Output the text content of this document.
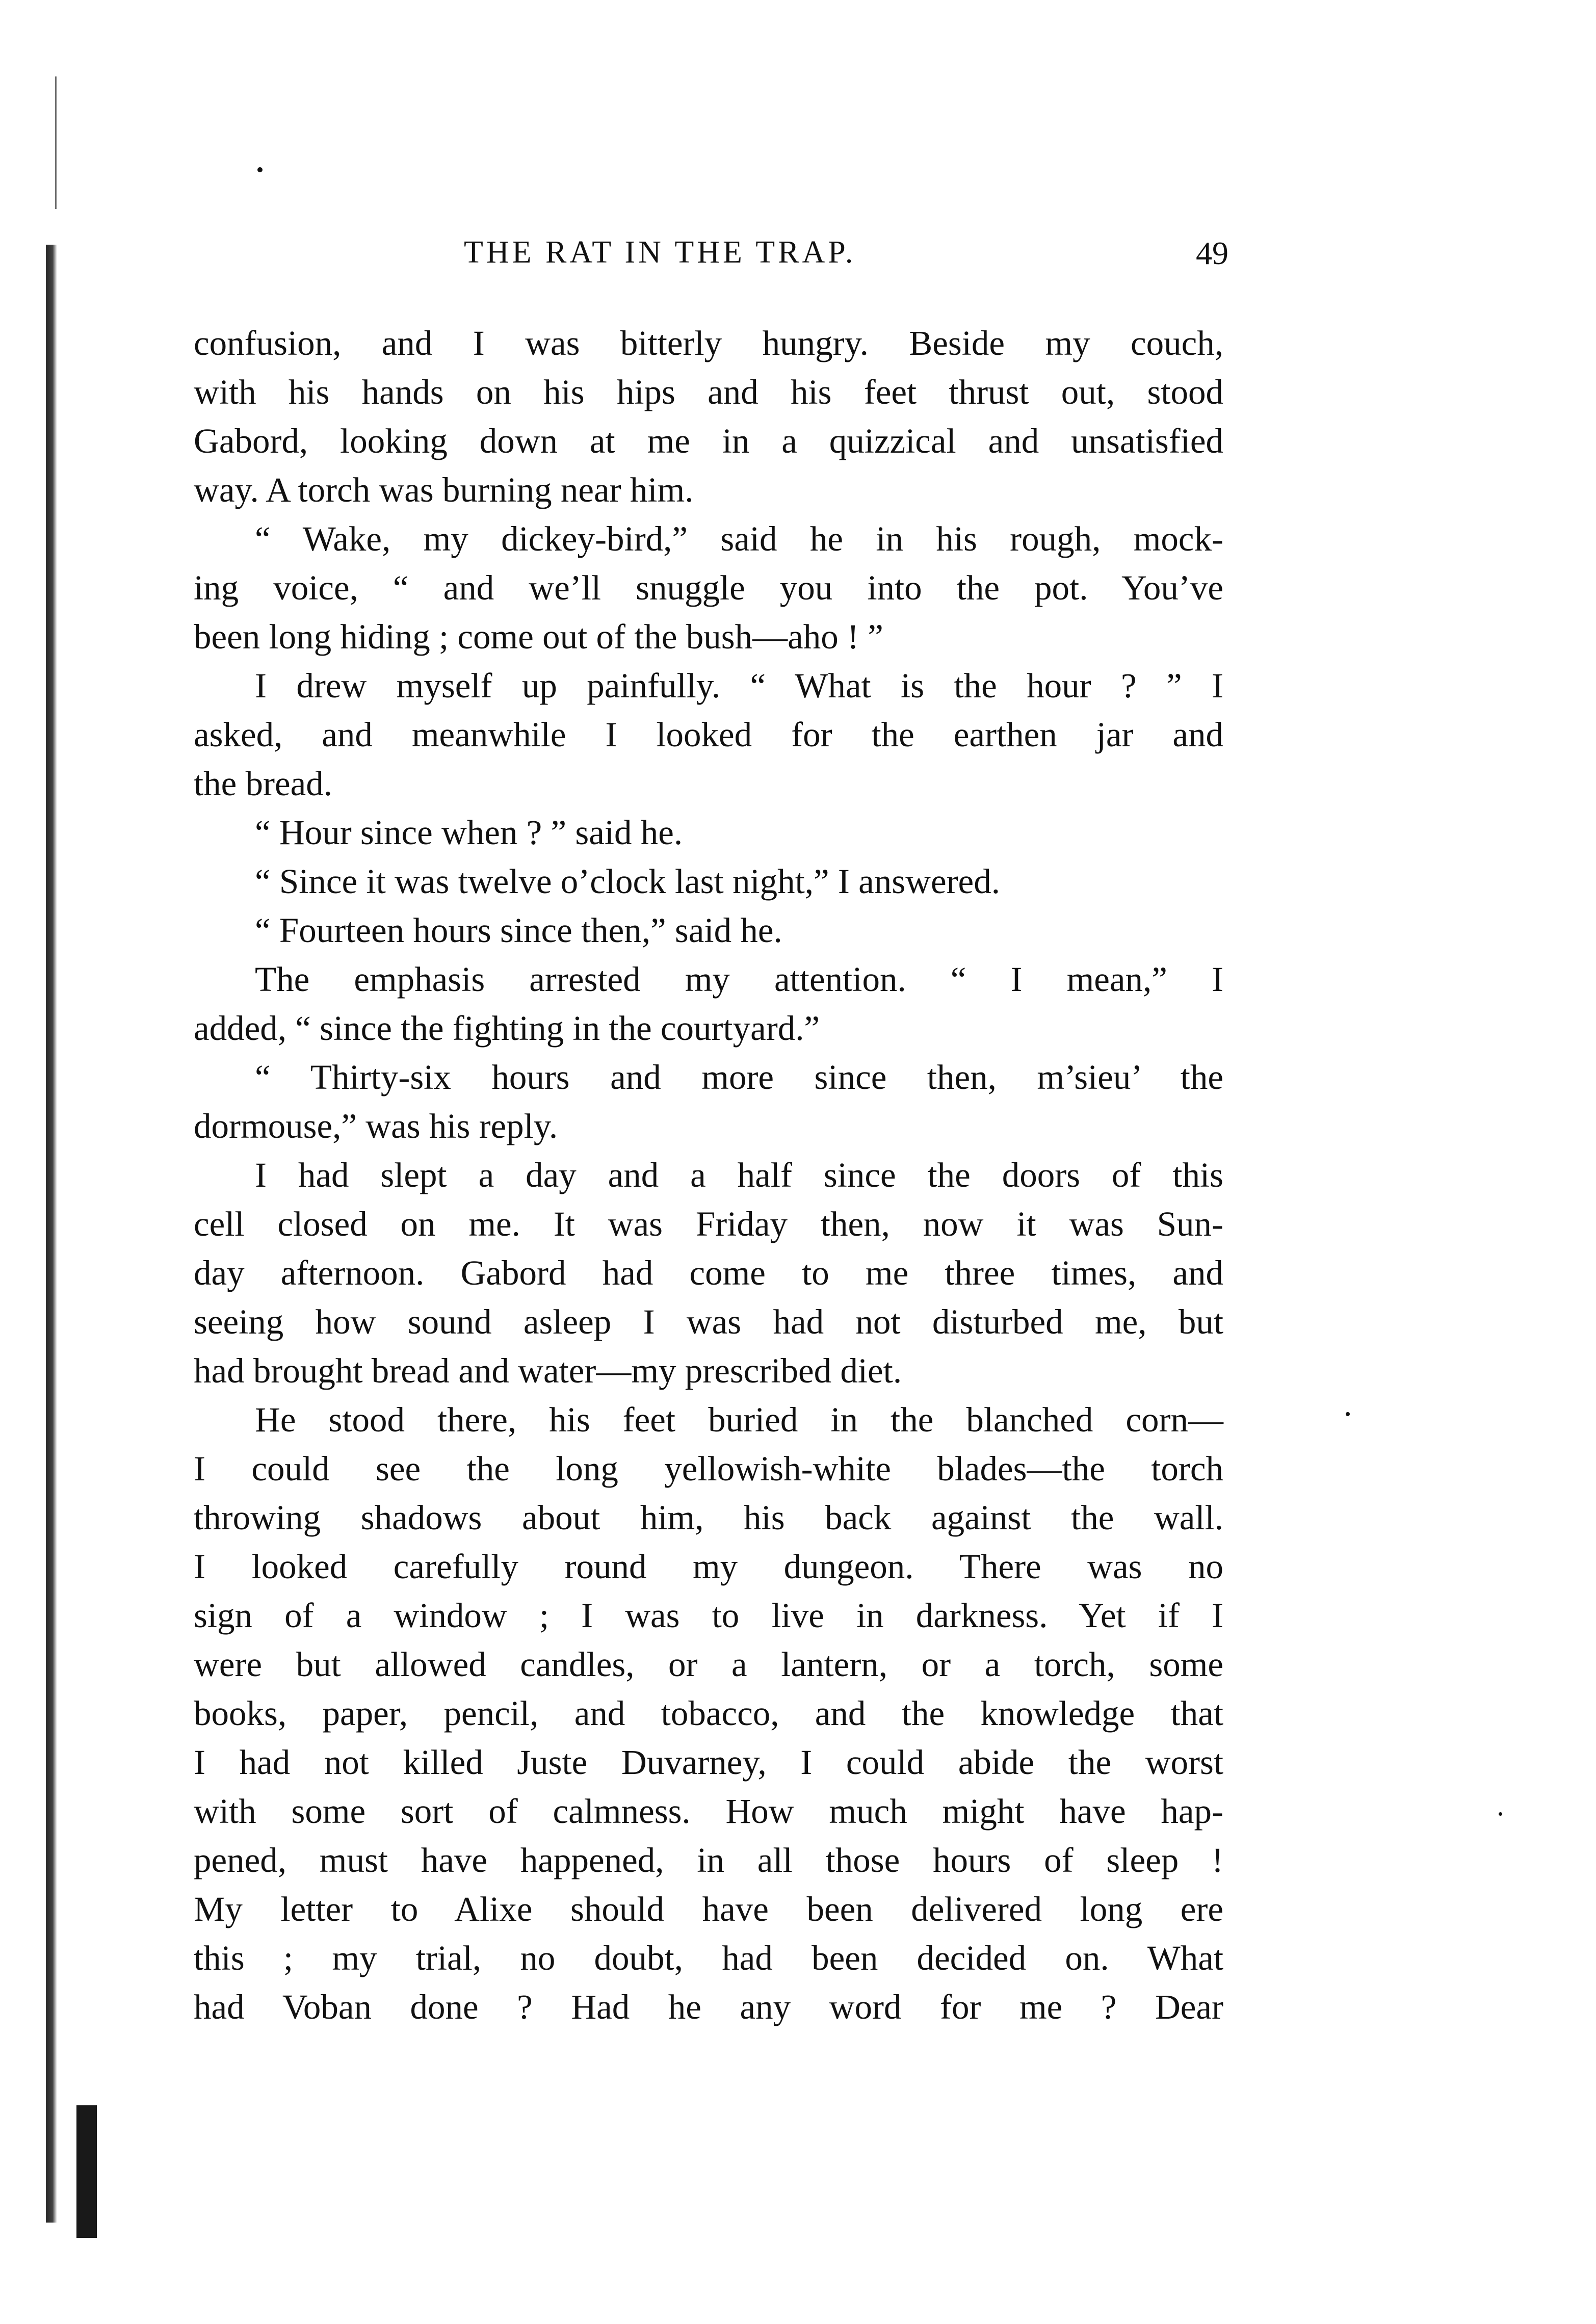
THE RAT IN THE TRAP.	49
confusion, and I was bitterly hungry. Beside my couch,
with his hands on his hips and his feet thrust out, stood
Gabord, looking down at me in a quizzical and unsatisfied
way. A torch was burning near him.
“ Wake, my dickey-bird,” said he in his rough, mock-
ing voice, “ and we’ll snuggle you into the pot. You’ve
been long hiding ; come out of the bush—aho ! ”
I drew myself up painfully. “ What is the hour ? ” I
asked, and meanwhile I looked for the earthen jar and
the bread.
“ Hour since when ? ” said he.
“ Since it was twelve o’clock last night,” I answered.
“ Fourteen hours since then,” said he.
The emphasis arrested my attention. “ I mean,” I
added, “ since the fighting in the courtyard.”
“ Thirty-six hours and more since then, m’sieu’ the
dormouse,” was his reply.
I had slept a day and a half since the doors of this
cell closed on me. It was Friday then, now it was Sun-
day afternoon. Gabord had come to me three times, and
seeing how sound asleep I was had not disturbed me, but
had brought bread and water—my prescribed diet.
He stood there, his feet buried in the blanched corn—
I could see the long yellowish-white blades—the torch
throwing shadows about him, his back against the wall.
I looked carefully round my dungeon. There was no
sign of a window ; I was to live in darkness. Yet if I
were but allowed candles, or a lantern, or a torch, some
books, paper, pencil, and tobacco, and the knowledge that
I had not killed Juste Duvarney, I could abide the worst
with some sort of calmness. How much might have hap-
pened, must have happened, in all those hours of sleep !
My letter to Alixe should have been delivered long ere
this ; my trial, no doubt, had been decided on. What
had Voban done ? Had he any word for me ? Dear
